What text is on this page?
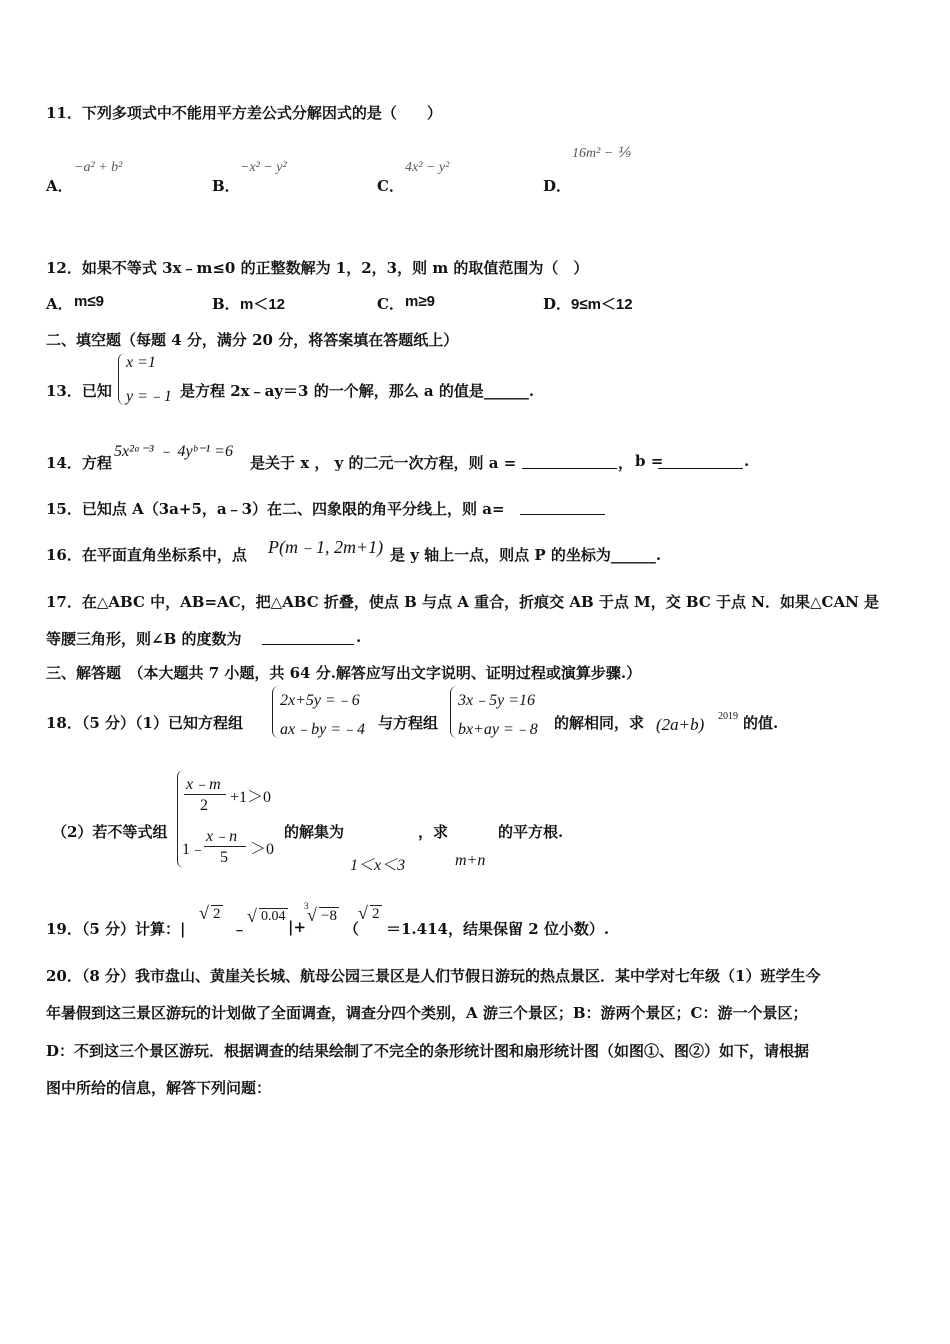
11．下列多项式中不能用平方差公式分解因式的是（　　）
A．
−a² + b²
B．
−x² − y²
C．
4x² − y²
D．
16m² − ⅑
12．如果不等式 3x﹣m≤0 的正整数解为 1，2，3，则 m 的取值范围为（　）
A． m≤9	B． m＜12	C． m≥9	D． 9≤m＜12
二、填空题（每题 4 分，满分 20 分，将答案填在答题纸上）
13．已知
x =1
y =﹣1 是方程 2x﹣ay＝3 的一个解，那么 a 的值是______.
14．方程
5x²ᵃ⁻³ ﹣ 4yᵇ⁻¹ =6
是关于 x ， y 的二元一次方程，则 a =	， b =	.
15．已知点 A（3a+5，a﹣3）在二、四象限的角平分线上，则 a=
16．在平面直角坐标系中，点 P(m﹣1, 2m+1) 是 y 轴上一点，则点 P 的坐标为______.
17．在△ABC 中，AB=AC，把△ABC 折叠，使点 B 与点 A 重合，折痕交 AB 于点 M，交 BC 于点 N．如果△CAN 是
等腰三角形，则∠B 的度数为	.
三、解答题　（本大题共 7 小题，共 64 分.解答应写出文字说明、证明过程或演算步骤.）
18．（5 分）（1）已知方程组
2x+5y =﹣6
ax﹣by =﹣4 与方程组
3x﹣5y =16
bx+ay =﹣8 的解相同，求 (2a+b) 2019 的值.
（2）若不等式组
x﹣m
2 +1＞0
1﹣
x﹣n
5 ＞0
的解集为	，求	的平方根.
1＜x＜3	m+n
19．（5 分）计算：|
√ 2
﹣
√ 0.04
|+
3
√ −8
（
√ 2
＝1.414，结果保留 2 位小数）.
20．（8 分）我市盘山、黄崖关长城、航母公园三景区是人们节假日游玩的热点景区．某中学对七年级（1）班学生今
年暑假到这三景区游玩的计划做了全面调查，调查分四个类别，A 游三个景区；B：游两个景区；C：游一个景区；
D：不到这三个景区游玩．根据调查的结果绘制了不完全的条形统计图和扇形统计图（如图①、图②）如下，请根据
图中所给的信息，解答下列问题：
